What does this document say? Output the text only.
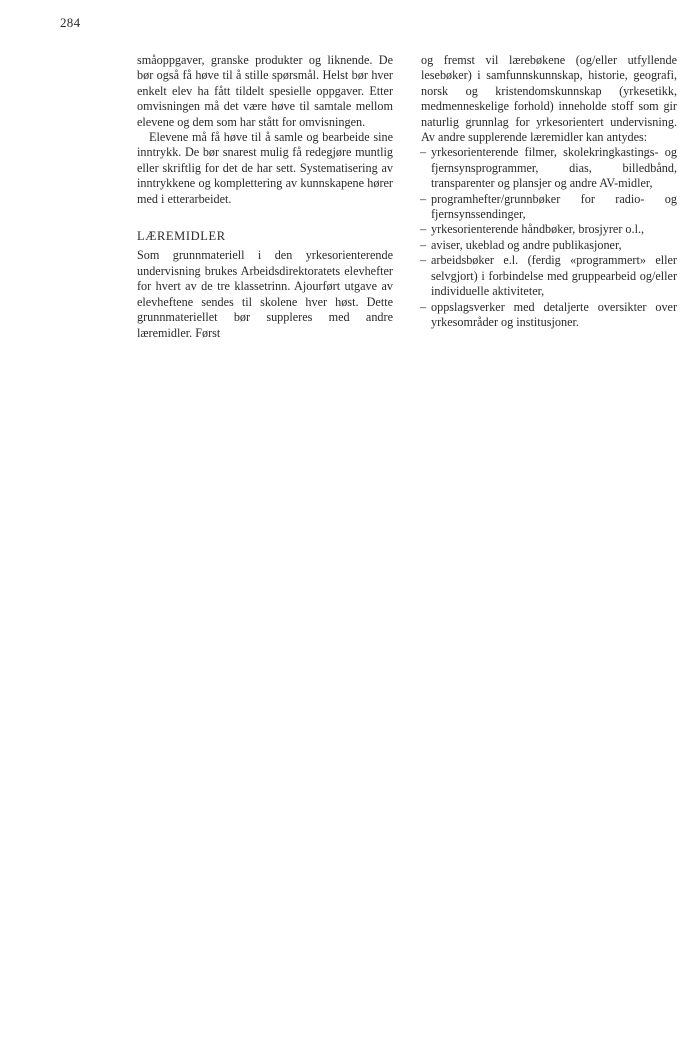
284

småoppgaver, granske produkter og liknende. De bør også få høve til å stille spørsmål. Helst bør hver enkelt elev ha fått tildelt spesielle oppgaver. Etter omvisningen må det være høve til samtale mellom elevene og dem som har stått for omvisningen.

Elevene må få høve til å samle og bearbeide sine inntrykk. De bør snarest mulig få redegjøre muntlig eller skriftlig for det de har sett. Systematisering av inntrykkene og komplettering av kunnskapene hører med i etterarbeidet.

LÆREMIDLER

Som grunnmateriell i den yrkesorienterende undervisning brukes Arbeidsdirektoratets elevhefter for hvert av de tre klassetrinn. Ajourført utgave av elevheftene sendes til skolene hver høst. Dette grunnmateriellet bør suppleres med andre læremidler. Først

og fremst vil lærebøkene (og/eller utfyllende lesebøker) i samfunnskunnskap, historie, geografi, norsk og kristendomskunnskap (yrkesetikk, medmenneskelige forhold) inneholde stoff som gir naturlig grunnlag for yrkesorientert undervisning. Av andre supplerende læremidler kan antydes:

– yrkesorienterende filmer, skolekringkastings- og fjernsynsprogrammer, dias, billedbånd, transparenter og plansjer og andre AV-midler,
– programhefter/grunnbøker for radio- og fjernsynssendinger,
– yrkesorienterende håndbøker, brosjyrer o.l.,
– aviser, ukeblad og andre publikasjoner,
– arbeidsbøker e.l. (ferdig «programmert» eller selvgjort) i forbindelse med gruppearbeid og/eller individuelle aktiviteter,
– oppslagsverker med detaljerte oversikter over yrkesområder og institusjoner.
